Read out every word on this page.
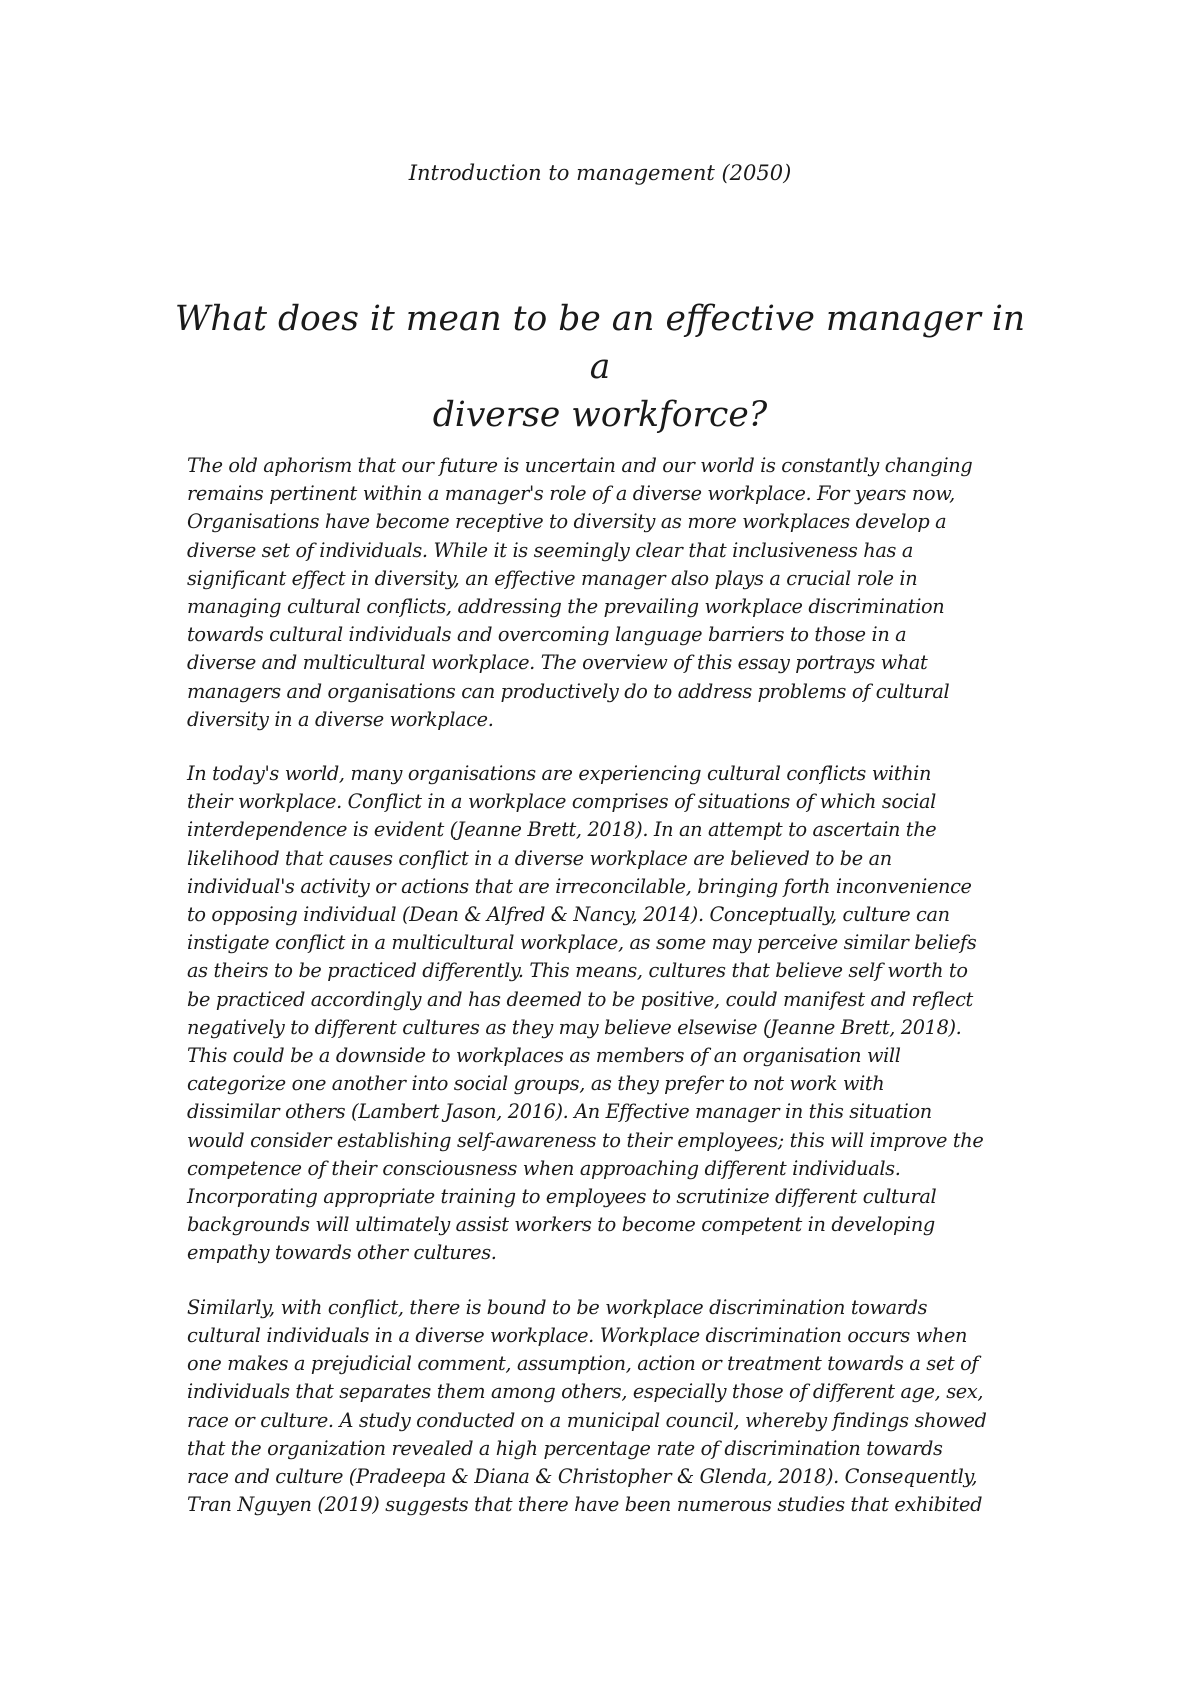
Introduction to management (2050)
What does it mean to be an effective manager in a
diverse workforce?

The old aphorism that our future is uncertain and our world is constantly changing
remains pertinent within a manager's role of a diverse workplace. For years now,
Organisations have become receptive to diversity as more workplaces develop a
diverse set of individuals. While it is seemingly clear that inclusiveness has a
significant effect in diversity, an effective manager also plays a crucial role in
managing cultural conflicts, addressing the prevailing workplace discrimination
towards cultural individuals and overcoming language barriers to those in a
diverse and multicultural workplace. The overview of this essay portrays what
managers and organisations can productively do to address problems of cultural
diversity in a diverse workplace.

In today's world, many organisations are experiencing cultural conflicts within
their workplace. Conflict in a workplace comprises of situations of which social
interdependence is evident (Jeanne Brett, 2018). In an attempt to ascertain the
likelihood that causes conflict in a diverse workplace are believed to be an
individual's activity or actions that are irreconcilable, bringing forth inconvenience
to opposing individual (Dean & Alfred & Nancy, 2014). Conceptually, culture can
instigate conflict in a multicultural workplace, as some may perceive similar beliefs
as theirs to be practiced differently. This means, cultures that believe self worth to
be practiced accordingly and has deemed to be positive, could manifest and reflect
negatively to different cultures as they may believe elsewise (Jeanne Brett, 2018).
This could be a downside to workplaces as members of an organisation will
categorize one another into social groups, as they prefer to not work with
dissimilar others (Lambert Jason, 2016). An Effective manager in this situation
would consider establishing self-awareness to their employees; this will improve the
competence of their consciousness when approaching different individuals.
Incorporating appropriate training to employees to scrutinize different cultural
backgrounds will ultimately assist workers to become competent in developing
empathy towards other cultures.

Similarly, with conflict, there is bound to be workplace discrimination towards
cultural individuals in a diverse workplace. Workplace discrimination occurs when
one makes a prejudicial comment, assumption, action or treatment towards a set of
individuals that separates them among others, especially those of different age, sex,
race or culture. A study conducted on a municipal council, whereby findings showed
that the organization revealed a high percentage rate of discrimination towards
race and culture (Pradeepa & Diana & Christopher & Glenda, 2018). Consequently,
Tran Nguyen (2019) suggests that there have been numerous studies that exhibited
